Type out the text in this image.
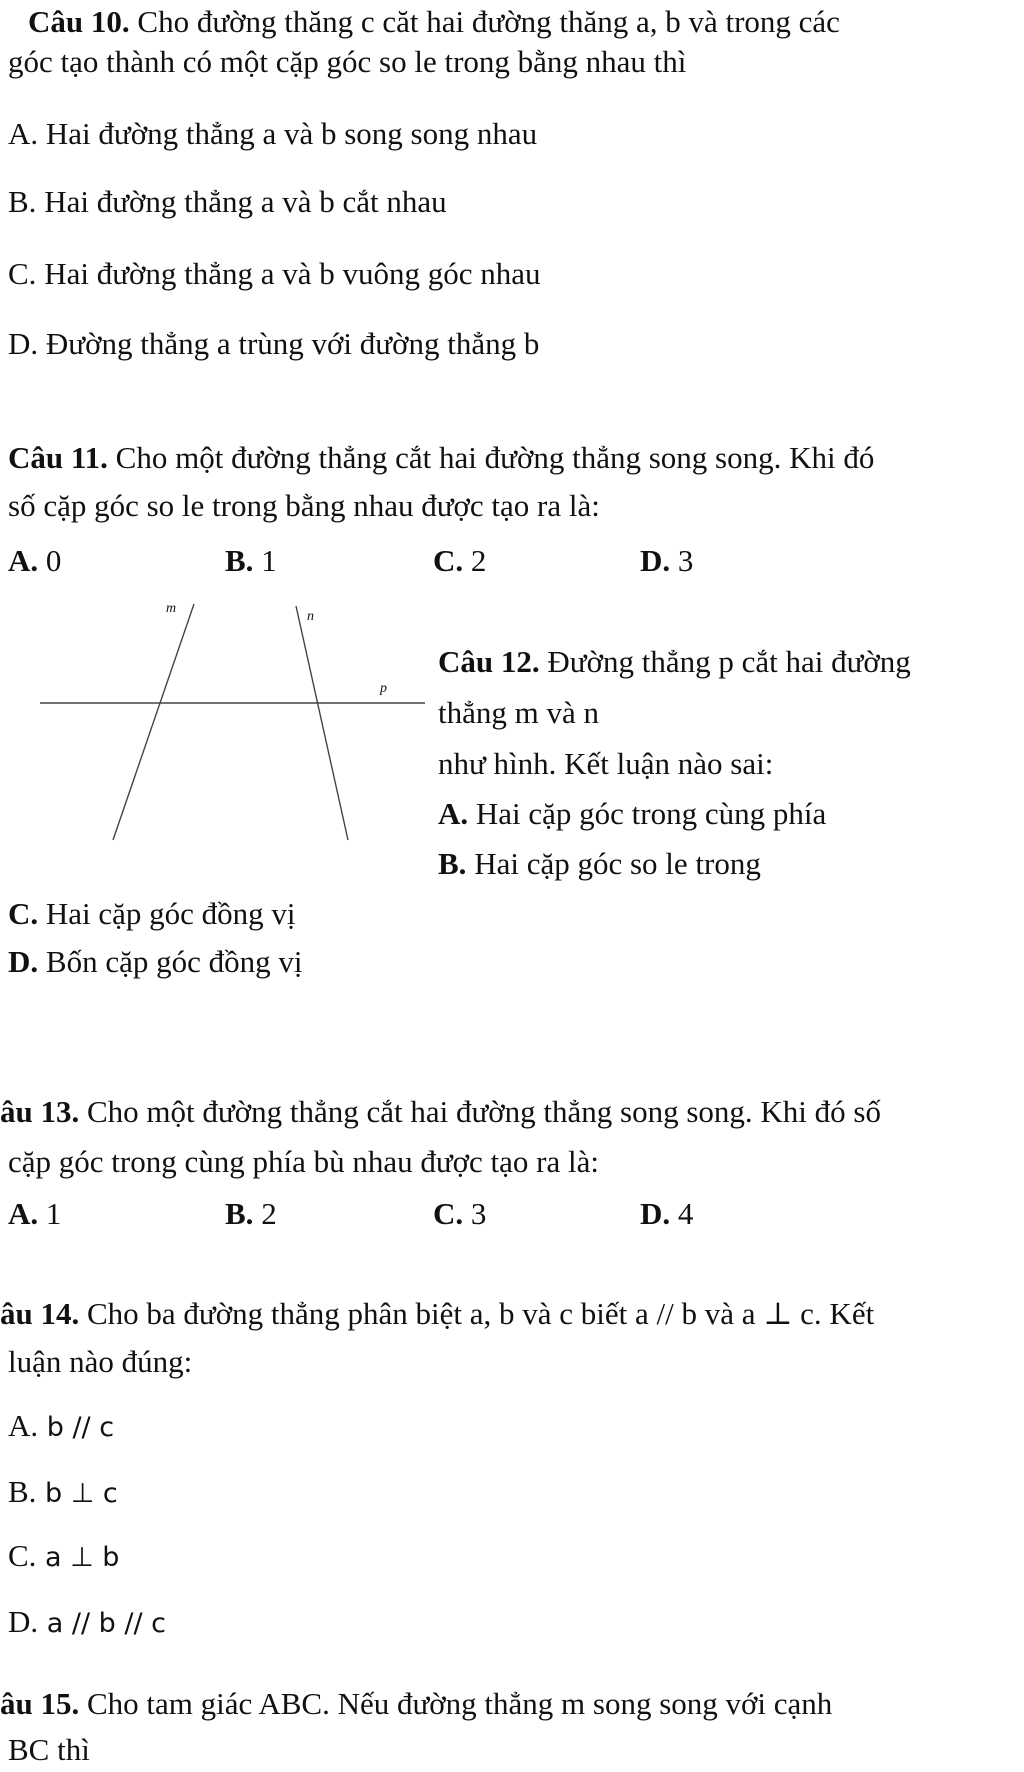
Câu 10. Cho đường thăng c căt hai đường thăng a, b và trong các
góc tạo thành có một cặp góc so le trong bằng nhau thì
A. Hai đường thẳng a và b song song nhau
B. Hai đường thẳng a và b cắt nhau
C. Hai đường thẳng a và b vuông góc nhau
D. Đường thẳng a trùng với đường thẳng b
Câu 11. Cho một đường thẳng cắt hai đường thẳng song song. Khi đó
số cặp góc so le trong bằng nhau được tạo ra là:
A. 0	B. 1	C. 2	D. 3
m
n
p
Câu 12. Đường thẳng p cắt hai đường
thẳng m và n
như hình. Kết luận nào sai:
A. Hai cặp góc trong cùng phía
B. Hai cặp góc so le trong
C. Hai cặp góc đồng vị
D. Bốn cặp góc đồng vị
âu 13. Cho một đường thẳng cắt hai đường thẳng song song. Khi đó số
cặp góc trong cùng phía bù nhau được tạo ra là:
A. 1	B. 2	C. 3	D. 4
âu 14. Cho ba đường thẳng phân biệt a, b và c biết a // b và a ⊥ c. Kết
luận nào đúng:
A. b // c
B. b ⊥ c
C. a ⊥ b
D. a // b // c
âu 15. Cho tam giác ABC. Nếu đường thẳng m song song với cạnh
BC thì
